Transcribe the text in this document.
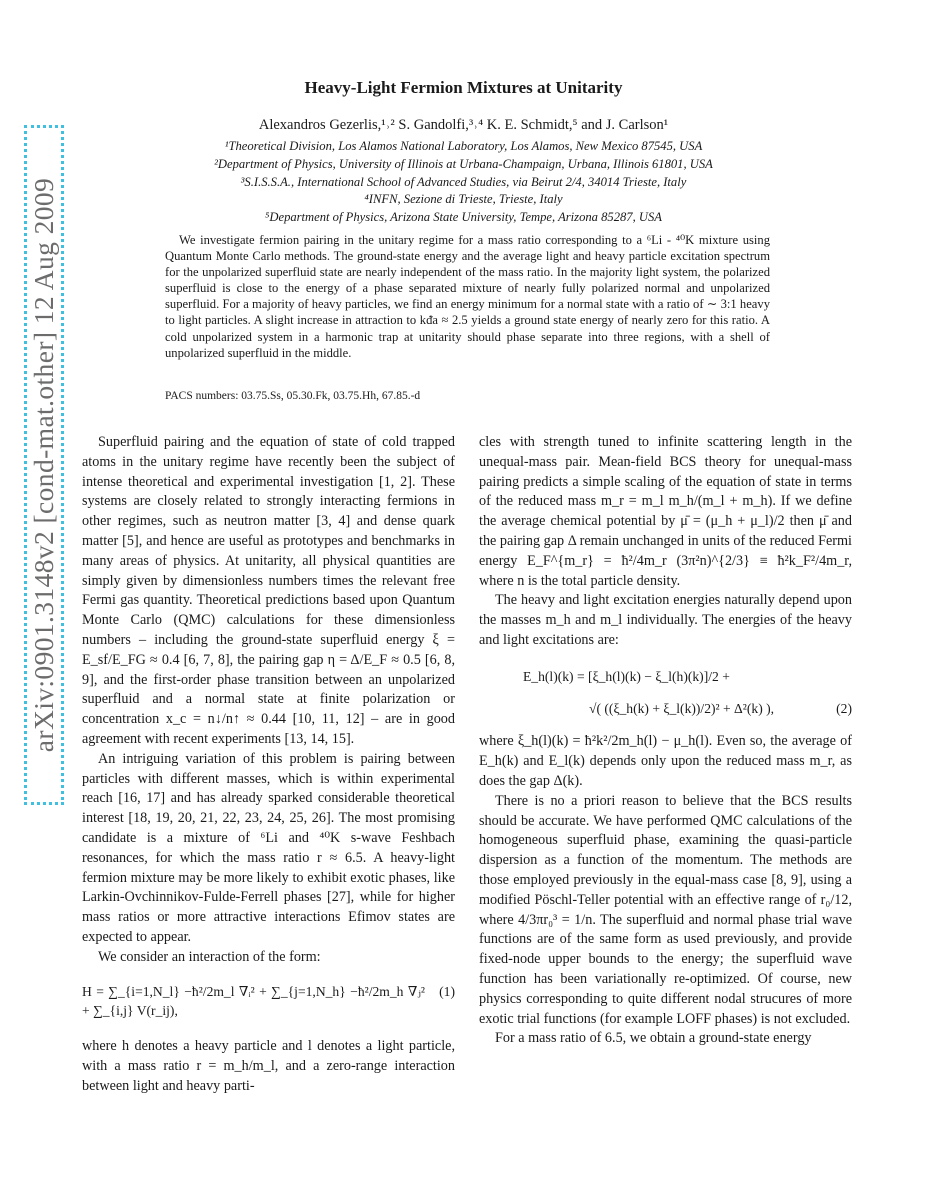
arXiv:0901.3148v2 [cond-mat.other] 12 Aug 2009
Heavy-Light Fermion Mixtures at Unitarity
Alexandros Gezerlis,¹˒² S. Gandolfi,³˒⁴ K. E. Schmidt,⁵ and J. Carlson¹
¹Theoretical Division, Los Alamos National Laboratory, Los Alamos, New Mexico 87545, USA
²Department of Physics, University of Illinois at Urbana-Champaign, Urbana, Illinois 61801, USA
³S.I.S.S.A., International School of Advanced Studies, via Beirut 2/4, 34014 Trieste, Italy
⁴INFN, Sezione di Trieste, Trieste, Italy
⁵Department of Physics, Arizona State University, Tempe, Arizona 85287, USA
We investigate fermion pairing in the unitary regime for a mass ratio corresponding to a ⁶Li - ⁴⁰K mixture using Quantum Monte Carlo methods. The ground-state energy and the average light and heavy particle excitation spectrum for the unpolarized superfluid state are nearly independent of the mass ratio. In the majority light system, the polarized superfluid is close to the energy of a phase separated mixture of nearly fully polarized normal and unpolarized superfluid. For a majority of heavy particles, we find an energy minimum for a normal state with a ratio of ∼ 3:1 heavy to light particles. A slight increase in attraction to kᵭa ≈ 2.5 yields a ground state energy of nearly zero for this ratio. A cold unpolarized system in a harmonic trap at unitarity should phase separate into three regions, with a shell of unpolarized superfluid in the middle.
PACS numbers: 03.75.Ss, 05.30.Fk, 03.75.Hh, 67.85.-d

Superfluid pairing and the equation of state of cold trapped atoms in the unitary regime have recently been the subject of intense theoretical and experimental investigation [1, 2]. These systems are closely related to strongly interacting fermions in other regimes, such as neutron matter [3, 4] and dense quark matter [5], and hence are useful as prototypes and benchmarks in many areas of physics. At unitarity, all physical quantities are simply given by dimensionless numbers times the relevant free Fermi gas quantity. Theoretical predictions based upon Quantum Monte Carlo (QMC) calculations for these dimensionless numbers – including the ground-state superfluid energy ξ = E_sf/E_FG ≈ 0.4 [6, 7, 8], the pairing gap η = Δ/E_F ≈ 0.5 [6, 8, 9], and the first-order phase transition between an unpolarized superfluid and a normal state at finite polarization or concentration x_c = n↓/n↑ ≈ 0.44 [10, 11, 12] – are in good agreement with recent experiments [13, 14, 15].

An intriguing variation of this problem is pairing between particles with different masses, which is within experimental reach [16, 17] and has already sparked considerable theoretical interest [18, 19, 20, 21, 22, 23, 24, 25, 26]. The most promising candidate is a mixture of ⁶Li and ⁴⁰K s-wave Feshbach resonances, for which the mass ratio r ≈ 6.5. A heavy-light fermion mixture may be more likely to exhibit exotic phases, like Larkin-Ovchinnikov-Fulde-Ferrell phases [27], while for higher mass ratios or more attractive interactions Efimov states are expected to appear.

We consider an interaction of the form:

H = ∑_{i=1,N_l} −ħ²/2m_l ∇ᵢ² + ∑_{j=1,N_h} −ħ²/2m_h ∇ⱼ² + ∑_{i,j} V(r_ij),
(1)

where h denotes a heavy particle and l denotes a light particle, with a mass ratio r = m_h/m_l, and a zero-range interaction between light and heavy parti-

cles with strength tuned to infinite scattering length in the unequal-mass pair. Mean-field BCS theory for unequal-mass pairing predicts a simple scaling of the equation of state in terms of the reduced mass m_r = m_l m_h/(m_l + m_h). If we define the average chemical potential by μ̄ = (μ_h + μ_l)/2 then μ̄ and the pairing gap Δ remain unchanged in units of the reduced Fermi energy E_F^{m_r} = ħ²/4m_r (3π²n)^{2/3} ≡ ħ²k_F²/4m_r, where n is the total particle density.

The heavy and light excitation energies naturally depend upon the masses m_h and m_l individually. The energies of the heavy and light excitations are:

E_h(l)(k) = [ξ_h(l)(k) − ξ_l(h)(k)]/2 +
√( ((ξ_h(k) + ξ_l(k))/2)² + Δ²(k) ),	(2)

where ξ_h(l)(k) = ħ²k²/2m_h(l) − μ_h(l). Even so, the average of E_h(k) and E_l(k) depends only upon the reduced mass m_r, as does the gap Δ(k).

There is no a priori reason to believe that the BCS results should be accurate. We have performed QMC calculations of the homogeneous superfluid phase, examining the quasi-particle dispersion as a function of the momentum. The methods are those employed previously in the equal-mass case [8, 9], using a modified Pöschl-Teller potential with an effective range of r₀/12, where 4/3πr₀³ = 1/n. The superfluid and normal phase trial wave functions are of the same form as used previously, and provide fixed-node upper bounds to the energy; the superfluid wave function has been variationally re-optimized. Of course, new physics corresponding to quite different nodal strucures of more exotic trial functions (for example LOFF phases) is not excluded.

For a mass ratio of 6.5, we obtain a ground-state energy
